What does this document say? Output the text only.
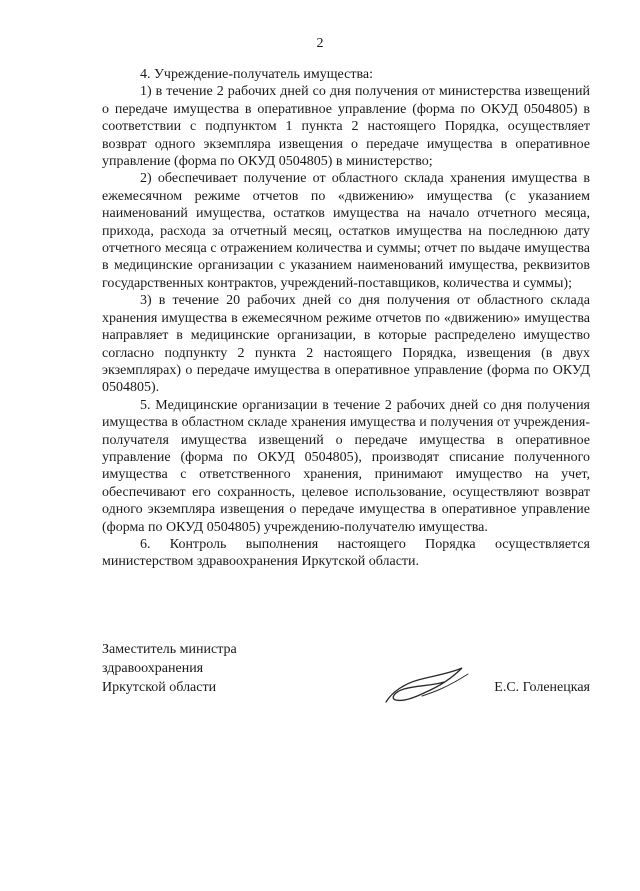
2

4. Учреждение-получатель имущества:

1) в течение 2 рабочих дней со дня получения от министерства извещений о передаче имущества в оперативное управление (форма по ОКУД 0504805) в соответствии с подпунктом 1 пункта 2 настоящего Порядка, осуществляет возврат одного экземпляра извещения о передаче имущества в оперативное управление (форма по ОКУД 0504805) в министерство;

2) обеспечивает получение от областного склада хранения имущества в ежемесячном режиме отчетов по «движению» имущества (с указанием наименований имущества, остатков имущества на начало отчетного месяца, прихода, расхода за отчетный месяц, остатков имущества на последнюю дату отчетного месяца с отражением количества и суммы; отчет по выдаче имущества в медицинские организации с указанием наименований имущества, реквизитов государственных контрактов, учреждений-поставщиков, количества и суммы);

3) в течение 20 рабочих дней со дня получения от областного склада хранения имущества в ежемесячном режиме отчетов по «движению» имущества направляет в медицинские организации, в которые распределено имущество согласно подпункту 2 пункта 2 настоящего Порядка, извещения (в двух экземплярах) о передаче имущества в оперативное управление (форма по ОКУД 0504805).

5. Медицинские организации в течение 2 рабочих дней со дня получения имущества в областном складе хранения имущества и получения от учреждения-получателя имущества извещений о передаче имущества в оперативное управление (форма по ОКУД 0504805), производят списание полученного имущества с ответственного хранения, принимают имущество на учет, обеспечивают его сохранность, целевое использование, осуществляют возврат одного экземпляра извещения о передаче имущества в оперативное управление (форма по ОКУД 0504805) учреждению-получателю имущества.

6. Контроль выполнения настоящего Порядка осуществляется министерством здравоохранения Иркутской области.

Заместитель министра
здравоохранения
Иркутской области	Е.С. Голенецкая
